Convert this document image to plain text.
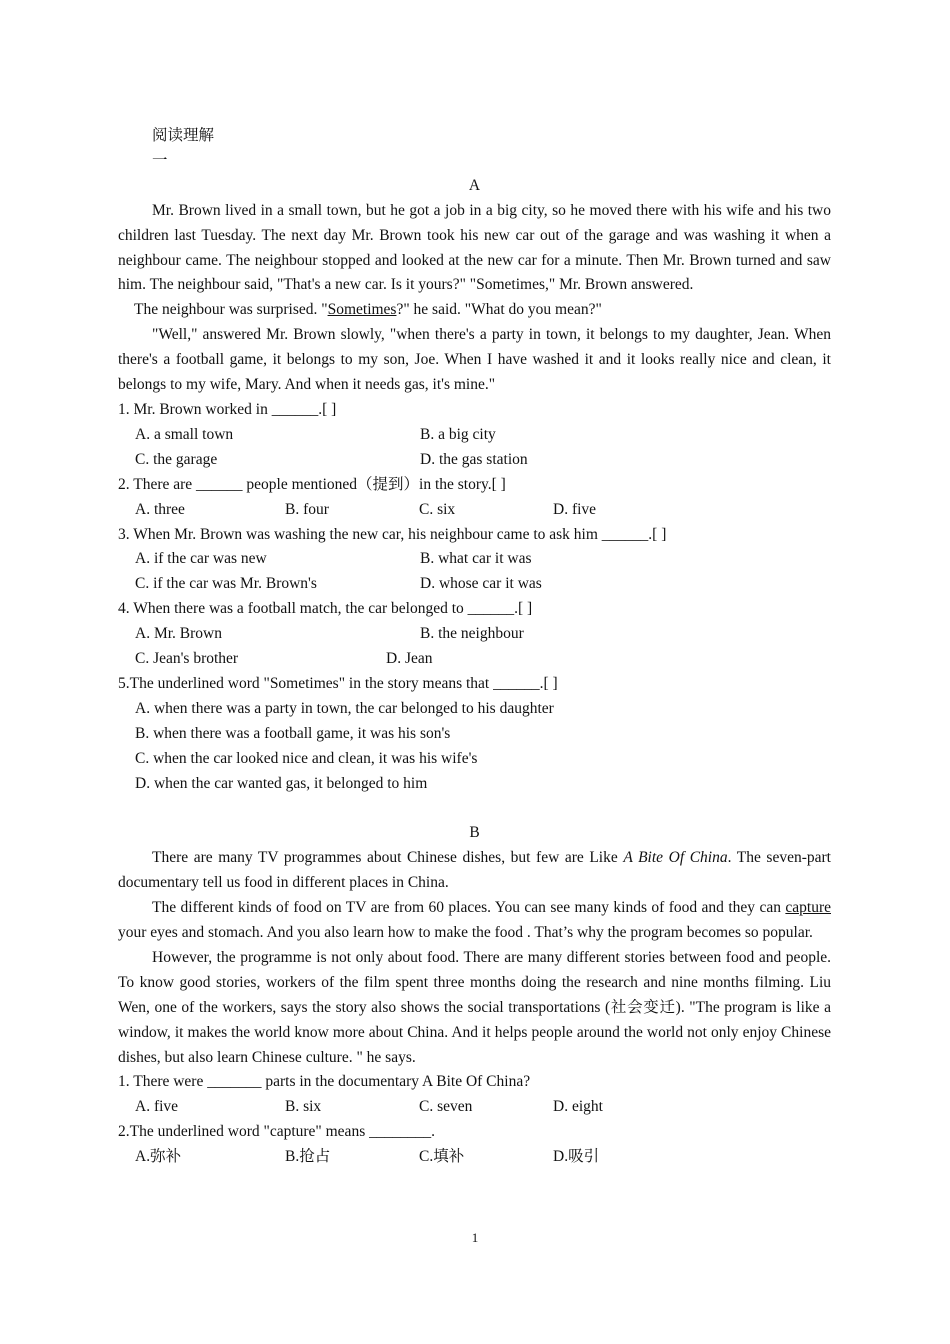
阅读理解
一
A

Mr. Brown lived in a small town, but he got a job in a big city, so he moved there with his wife and his two children last Tuesday. The next day Mr. Brown took his new car out of the garage and was washing it when a neighbour came. The neighbour stopped and looked at the new car for a minute. Then Mr. Brown turned and saw him. The neighbour said, "That's a new car. Is it yours?" "Sometimes," Mr. Brown answered.

The neighbour was surprised. "Sometimes?" he said. "What do you mean?"

"Well," answered Mr. Brown slowly, "when there's a party in town, it belongs to my daughter, Jean. When there's a football game, it belongs to my son, Joe. When I have washed it and it looks really nice and clean, it belongs to my wife, Mary. And when it needs gas, it's mine."

1. Mr. Brown worked in ______.[ ]

A. a small town	B. a big city
C. the garage	D. the gas station

2. There are ______ people mentioned（提到）in the story.[ ]

A. three	B. four	C. six	D. five

3. When Mr. Brown was washing the new car, his neighbour came to ask him ______.[ ]

A. if the car was new	B. what car it was
C. if the car was Mr. Brown's	D. whose car it was

4. When there was a football match, the car belonged to ______.[ ]

A. Mr. Brown	B. the neighbour
C. Jean's brother	D. Jean

5.The underlined word "Sometimes" in the story means that ______.[ ]

A. when there was a party in town, the car belonged to his daughter
B. when there was a football game, it was his son's
C. when the car looked nice and clean, it was his wife's
D. when the car wanted gas, it belonged to him
B

There are many TV programmes about Chinese dishes, but few are Like A Bite Of China. The seven-part documentary tell us food in different places in China.

The different kinds of food on TV are from 60 places. You can see many kinds of food and they can capture your eyes and stomach. And you also learn how to make the food . That’s why the program becomes so popular.

However, the programme is not only about food. There are many different stories between food and people. To know good stories, workers of the film spent three months doing the research and nine months filming. Liu Wen, one of the workers, says the story also shows the social transportations (社会变迁). "The program is like a window, it makes the world know more about China. And it helps people around the world not only enjoy Chinese dishes, but also learn Chinese culture. " he says.

1. There were _______ parts in the documentary A Bite Of China?

A. five	B. six	C. seven	D. eight

2.The underlined word "capture" means ________.

A.弥补	B.抢占	C.填补	D.吸引
1
